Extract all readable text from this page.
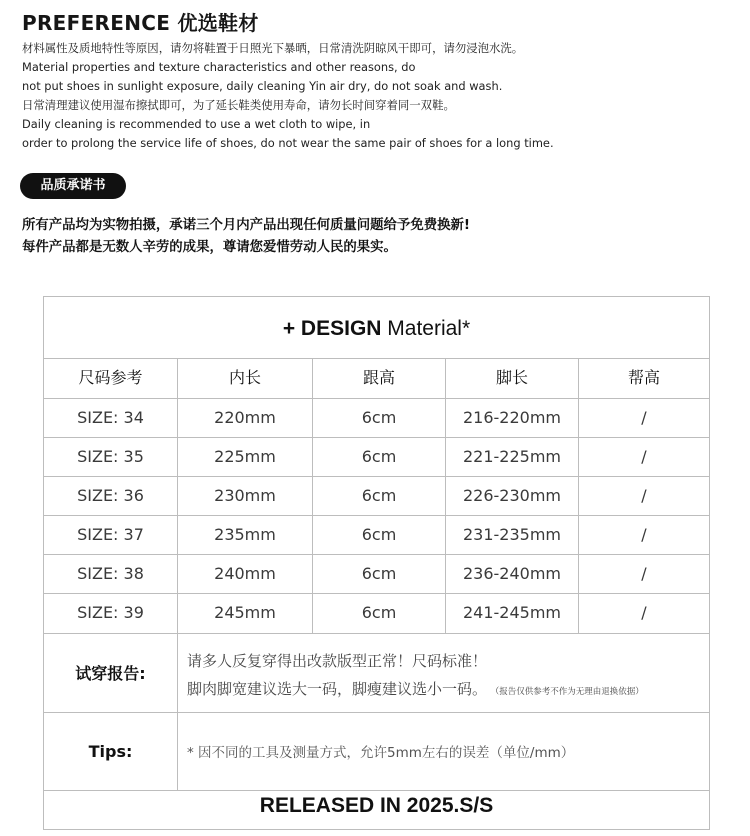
PREFERENCE 优选鞋材
材料属性及质地特性等原因，请勿将鞋置于日照光下暴晒，日常清洗阴晾风干即可，请勿浸泡水洗。
Material properties and texture characteristics and other reasons, do
not put shoes in sunlight exposure, daily cleaning Yin air dry, do not soak and wash.
日常清理建议使用湿布擦拭即可，为了延长鞋类使用寿命，请勿长时间穿着同一双鞋。
Daily cleaning is recommended to use a wet cloth to wipe, in
order to prolong the service life of shoes, do not wear the same pair of shoes for a long time.
品质承诺书
所有产品均为实物拍摄，承诺三个月内产品出现任何质量问题给予免费换新!
每件产品都是无数人辛劳的成果，尊请您爱惜劳动人民的果实。
+ DESIGN Material*
尺码参考	内长	跟高	脚长	帮高
SIZE: 34	220mm	6cm	216-220mm	/
SIZE: 35	225mm	6cm	221-225mm	/
SIZE: 36	230mm	6cm	226-230mm	/
SIZE: 37	235mm	6cm	231-235mm	/
SIZE: 38	240mm	6cm	236-240mm	/
SIZE: 39	245mm	6cm	241-245mm	/
试穿报告:
请多人反复穿得出改款版型正常！尺码标准！
脚肉脚宽建议选大一码，脚瘦建议选小一码。 （报告仅供参考不作为无理由退换依据）
Tips:	* 因不同的工具及测量方式，允许5mm左右的误差（单位/mm）
RELEASED IN 2025.S/S
